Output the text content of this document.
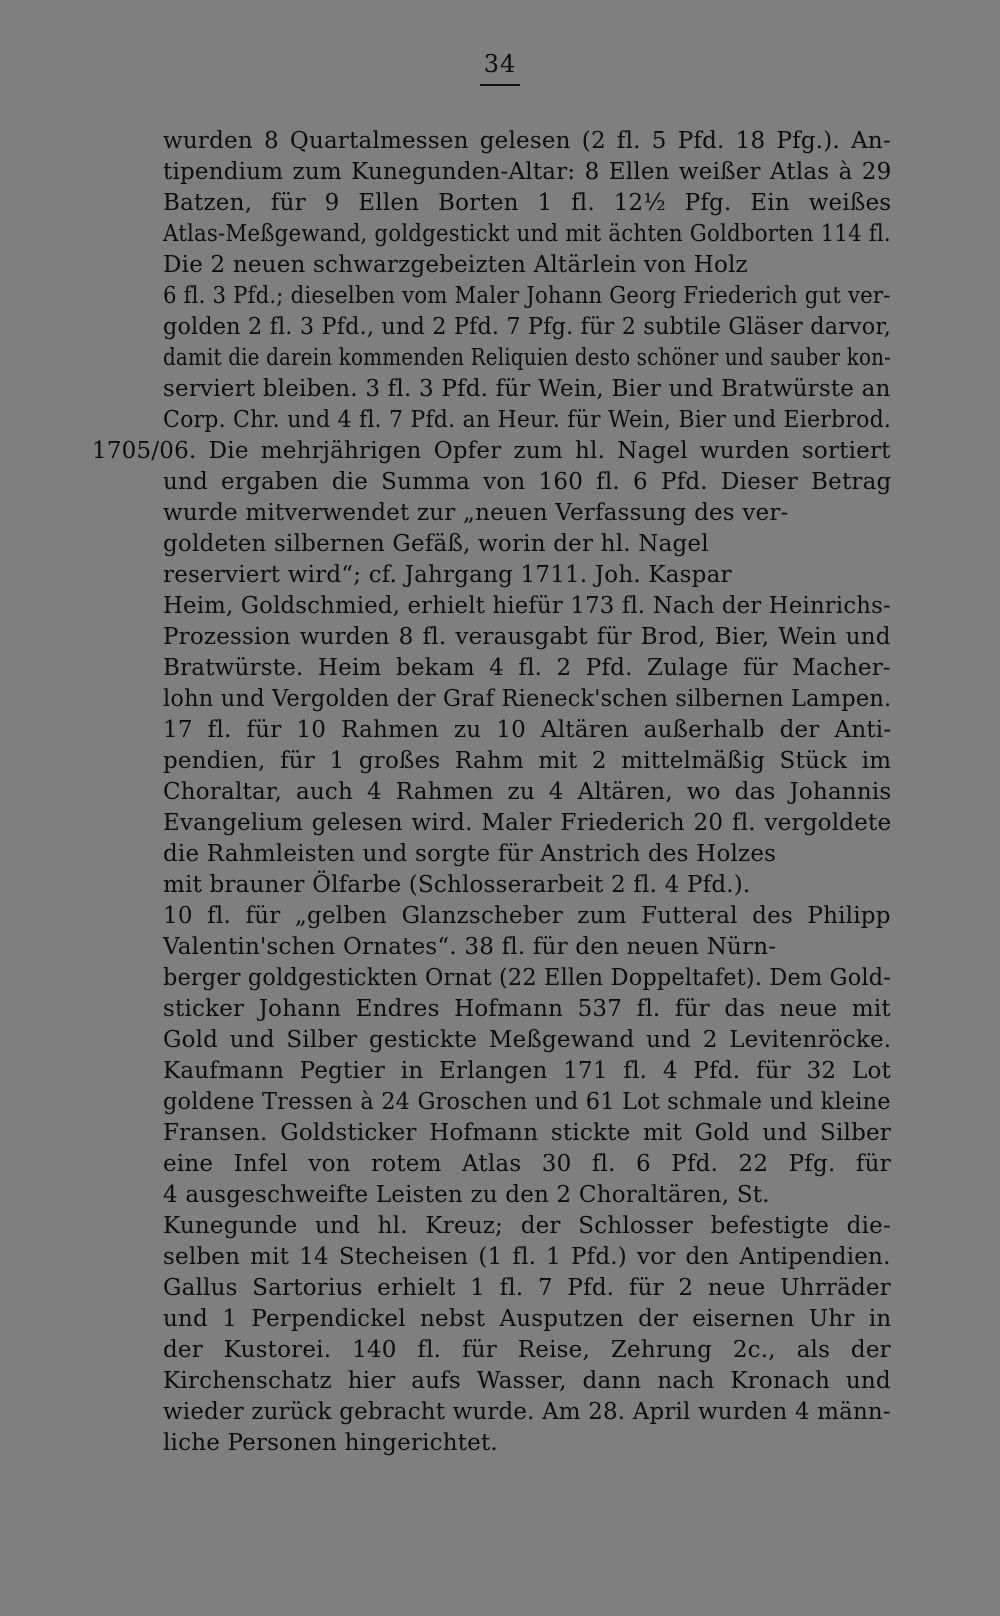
34
wurden 8 Quartalmessen gelesen (2 fl. 5 Pfd. 18 Pfg.). An-
tipendium zum Kunegunden-Altar: 8 Ellen weißer Atlas à 29
Batzen, für 9 Ellen Borten 1 fl. 12½ Pfg. Ein weißes
Atlas-Meßgewand, goldgestickt und mit ächten Goldborten 114 fl.
Die 2 neuen schwarzgebeizten Altärlein von Holz
6 fl. 3 Pfd.; dieselben vom Maler Johann Georg Friederich gut ver-
golden 2 fl. 3 Pfd., und 2 Pfd. 7 Pfg. für 2 subtile Gläser darvor,
damit die darein kommenden Reliquien desto schöner und sauber kon-
serviert bleiben. 3 fl. 3 Pfd. für Wein, Bier und Bratwürste an
Corp. Chr. und 4 fl. 7 Pfd. an Heur. für Wein, Bier und Eierbrod.
1705/06. Die mehrjährigen Opfer zum hl. Nagel wurden sortiert
und ergaben die Summa von 160 fl. 6 Pfd. Dieser Betrag
wurde mitverwendet zur „neuen Verfassung des ver-
goldeten silbernen Gefäß, worin der hl. Nagel
reserviert wird“; cf. Jahrgang 1711. Joh. Kaspar
Heim, Goldschmied, erhielt hiefür 173 fl. Nach der Heinrichs-
Prozession wurden 8 fl. verausgabt für Brod, Bier, Wein und
Bratwürste. Heim bekam 4 fl. 2 Pfd. Zulage für Macher-
lohn und Vergolden der Graf Rieneck'schen silbernen Lampen.
17 fl. für 10 Rahmen zu 10 Altären außerhalb der Anti-
pendien, für 1 großes Rahm mit 2 mittelmäßig Stück im
Choraltar, auch 4 Rahmen zu 4 Altären, wo das Johannis
Evangelium gelesen wird. Maler Friederich 20 fl. vergoldete
die Rahmleisten und sorgte für Anstrich des Holzes
mit brauner Ölfarbe (Schlosserarbeit 2 fl. 4 Pfd.).
10 fl. für „gelben Glanzscheber zum Futteral des Philipp
Valentin'schen Ornates“. 38 fl. für den neuen Nürn-
berger goldgestickten Ornat (22 Ellen Doppeltafet). Dem Gold-
sticker Johann Endres Hofmann 537 fl. für das neue mit
Gold und Silber gestickte Meßgewand und 2 Levitenröcke.
Kaufmann Pegtier in Erlangen 171 fl. 4 Pfd. für 32 Lot
goldene Tressen à 24 Groschen und 61 Lot schmale und kleine
Fransen. Goldsticker Hofmann stickte mit Gold und Silber
eine Infel von rotem Atlas 30 fl. 6 Pfd. 22 Pfg. für
4 ausgeschweifte Leisten zu den 2 Choraltären, St.
Kunegunde und hl. Kreuz; der Schlosser befestigte die-
selben mit 14 Stecheisen (1 fl. 1 Pfd.) vor den Antipendien.
Gallus Sartorius erhielt 1 fl. 7 Pfd. für 2 neue Uhrräder
und 1 Perpendickel nebst Ausputzen der eisernen Uhr in
der Kustorei. 140 fl. für Reise, Zehrung 2c., als der
Kirchenschatz hier aufs Wasser, dann nach Kronach und
wieder zurück gebracht wurde. Am 28. April wurden 4 männ-
liche Personen hingerichtet.
